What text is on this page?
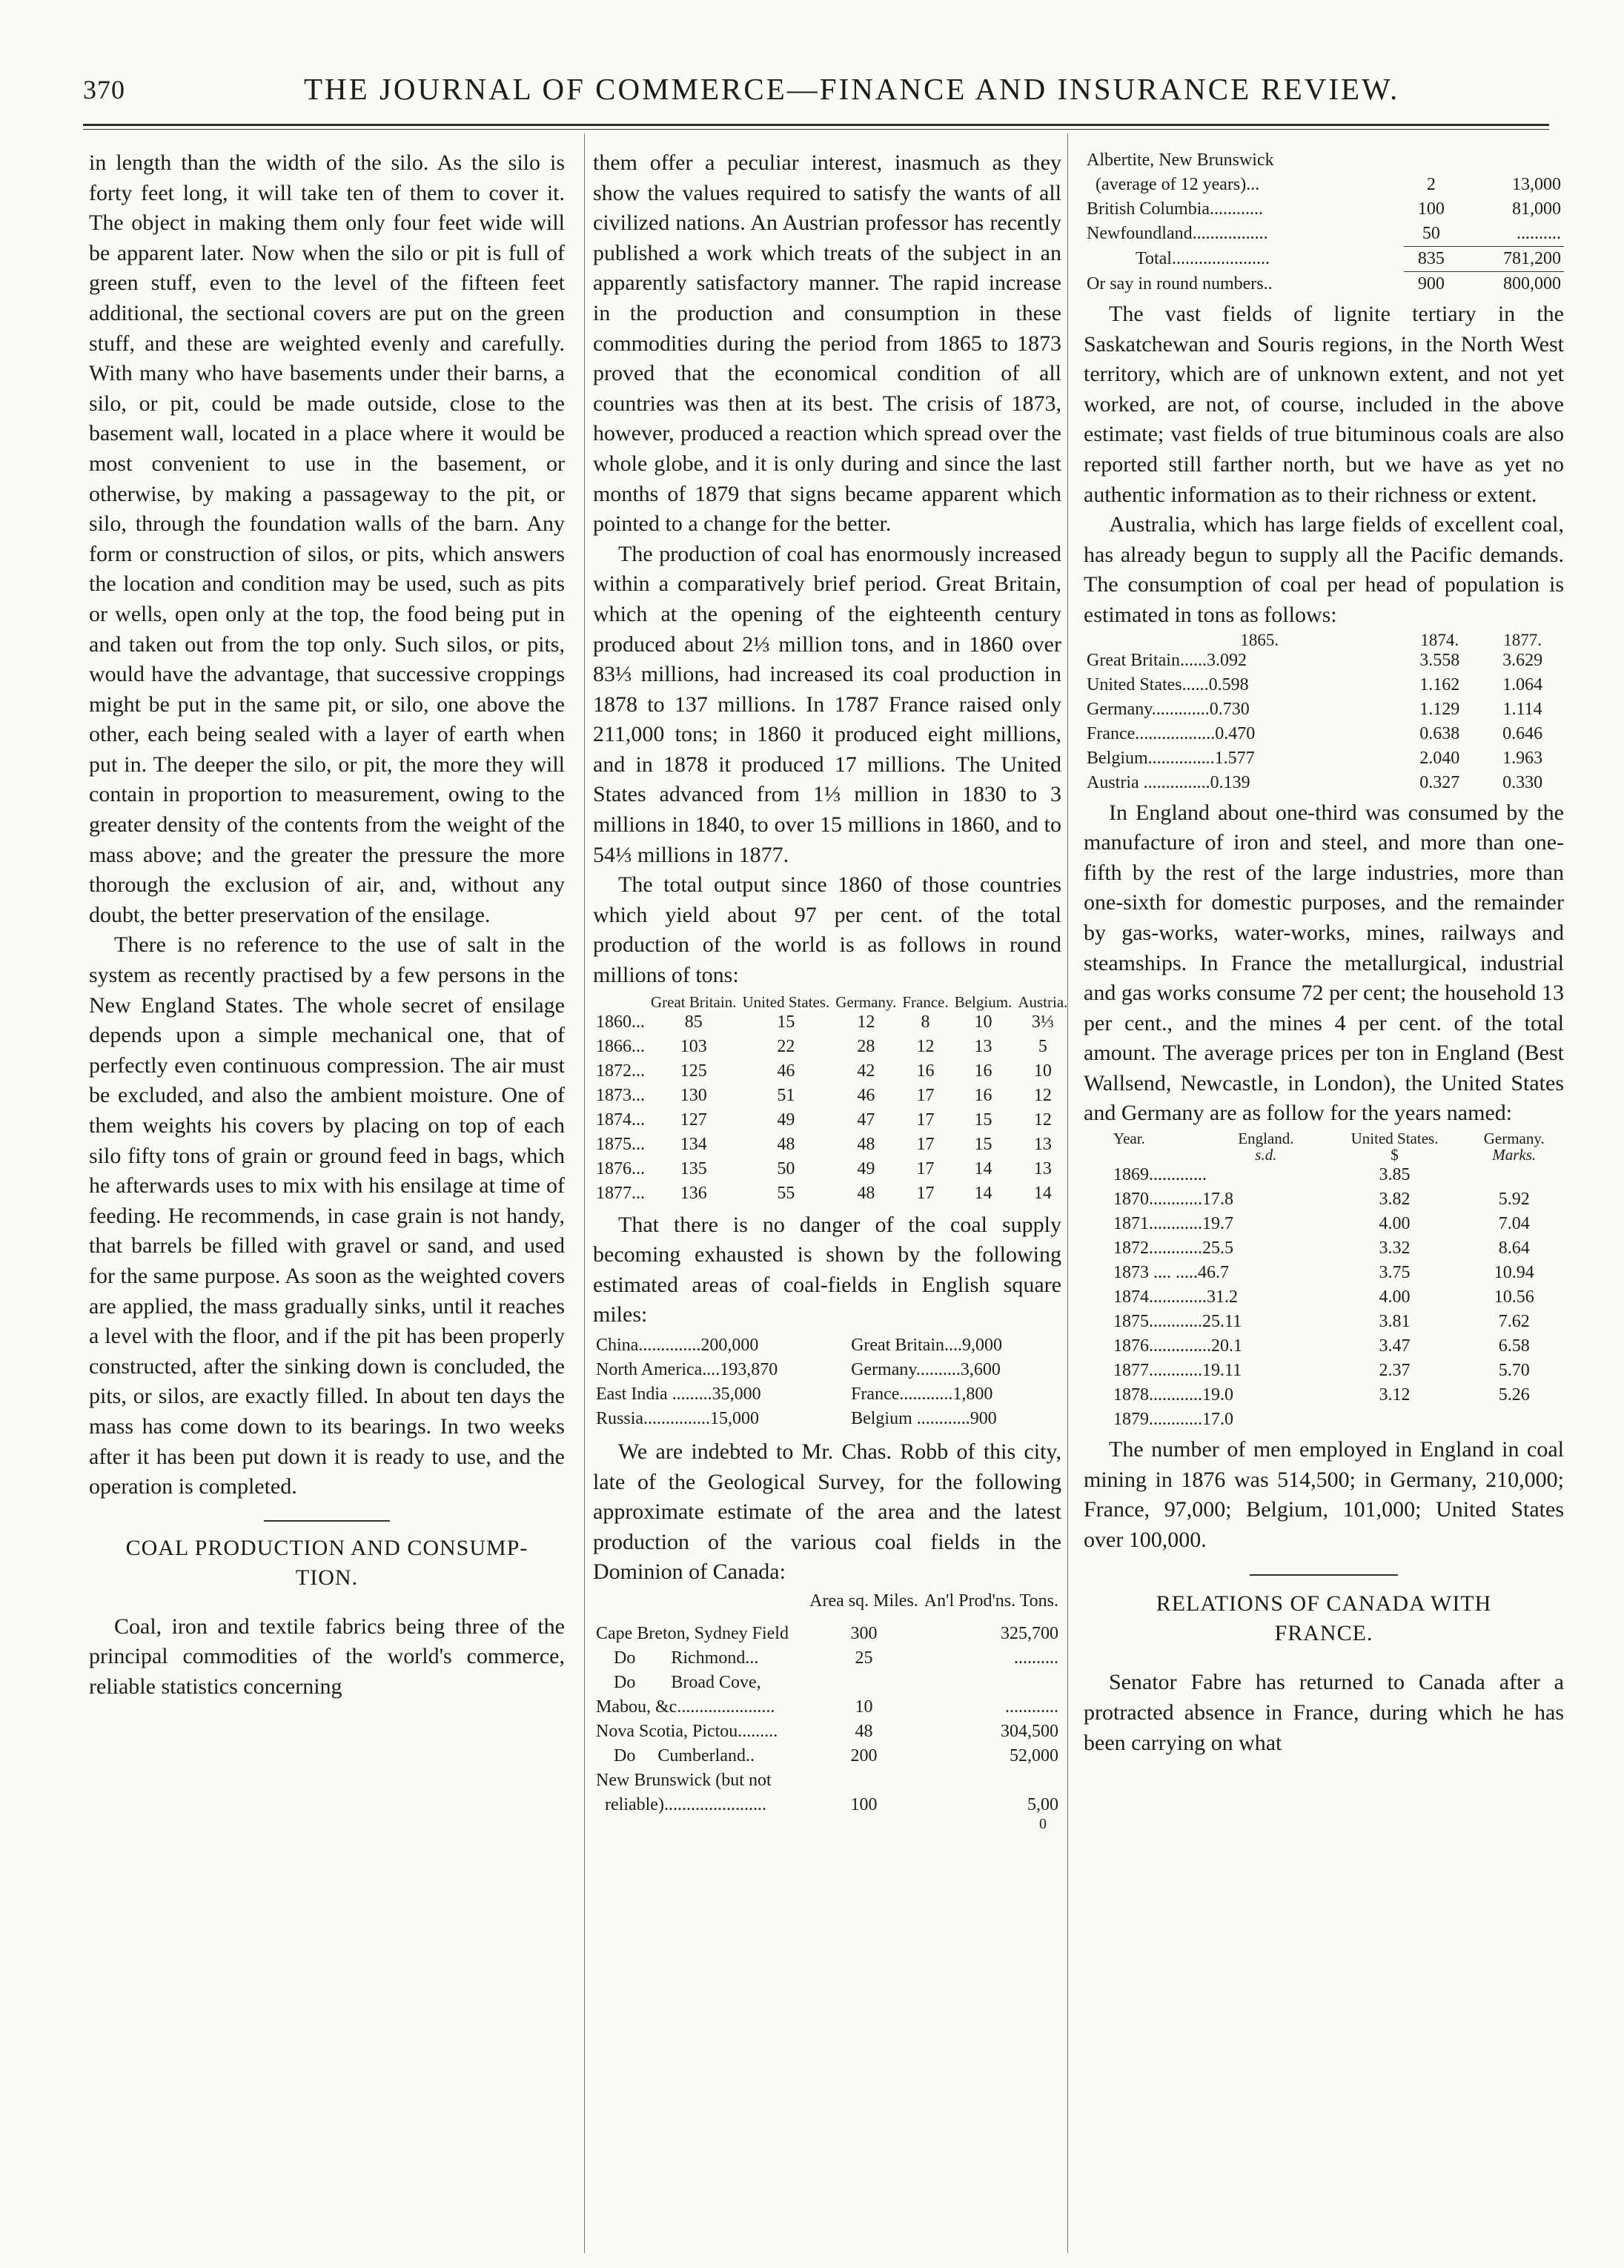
370	THE JOURNAL OF COMMERCE—FINANCE AND INSURANCE REVIEW.

in length than the width of the silo. As the silo is forty feet long, it will take ten of them to cover it. The object in making them only four feet wide will be apparent later. Now when the silo or pit is full of green stuff, even to the level of the fifteen feet additional, the sectional covers are put on the green stuff, and these are weighted evenly and carefully. With many who have basements under their barns, a silo, or pit, could be made outside, close to the basement wall, located in a place where it would be most convenient to use in the basement, or otherwise, by making a passageway to the pit, or silo, through the foundation walls of the barn. Any form or construction of silos, or pits, which answers the location and condition may be used, such as pits or wells, open only at the top, the food being put in and taken out from the top only. Such silos, or pits, would have the advantage, that successive croppings might be put in the same pit, or silo, one above the other, each being sealed with a layer of earth when put in. The deeper the silo, or pit, the more they will contain in proportion to measurement, owing to the greater density of the contents from the weight of the mass above; and the greater the pressure the more thorough the exclusion of air, and, without any doubt, the better preservation of the ensilage.

There is no reference to the use of salt in the system as recently practised by a few persons in the New England States. The whole secret of ensilage depends upon a simple mechanical one, that of perfectly even continuous compression. The air must be excluded, and also the ambient moisture. One of them weights his covers by placing on top of each silo fifty tons of grain or ground feed in bags, which he afterwards uses to mix with his ensilage at time of feeding. He recommends, in case grain is not handy, that barrels be filled with gravel or sand, and used for the same purpose. As soon as the weighted covers are applied, the mass gradually sinks, until it reaches a level with the floor, and if the pit has been properly constructed, after the sinking down is concluded, the pits, or silos, are exactly filled. In about ten days the mass has come down to its bearings. In two weeks after it has been put down it is ready to use, and the operation is completed.

COAL PRODUCTION AND CONSUMP-

TION.

Coal, iron and textile fabrics being three of the principal commodities of the world's commerce, reliable statistics concerning

them offer a peculiar interest, inasmuch as they show the values required to satisfy the wants of all civilized nations. An Austrian professor has recently published a work which treats of the subject in an apparently satisfactory manner. The rapid increase in the production and consumption in these commodities during the period from 1865 to 1873 proved that the economical condition of all countries was then at its best. The crisis of 1873, however, produced a reaction which spread over the whole globe, and it is only during and since the last months of 1879 that signs became apparent which pointed to a change for the better.

The production of coal has enormously increased within a comparatively brief period. Great Britain, which at the opening of the eighteenth century produced about 2⅓ million tons, and in 1860 over 83⅓ millions, had increased its coal production in 1878 to 137 millions. In 1787 France raised only 211,000 tons; in 1860 it produced eight millions, and in 1878 it produced 17 millions. The United States advanced from 1⅓ million in 1830 to 3 millions in 1840, to over 15 millions in 1860, and to 54⅓ millions in 1877.

The total output since 1860 of those countries which yield about 97 per cent. of the total production of the world is as follows in round millions of tons:

	Great Britain.	United States.	Germany.	France.	Belgium.	Austria.
1860...	85	15	12	8	10	3⅓
1866...	103	22	28	12	13	5
1872...	125	46	42	16	16	10
1873...	130	51	46	17	16	12
1874...	127	49	47	17	15	12
1875...	134	48	48	17	15	13
1876...	135	50	49	17	14	13
1877...	136	55	48	17	14	14

That there is no danger of the coal supply becoming exhausted is shown by the following estimated areas of coal-fields in English square miles:

China..............200,000	Great Britain....9,000
North America....193,870	Germany..........3,600
East India .........35,000	France............1,800
Russia...............15,000	Belgium ............900

We are indebted to Mr. Chas. Robb of this city, late of the Geological Survey, for the following approximate estimate of the area and the latest production of the various coal fields in the Dominion of Canada:

	Area sq. Miles.	An'l Prod'ns. Tons.

Cape Breton, Sydney Field	300	325,700
Do        Richmond...	25	..........
Do        Broad Cove,		
Mabou, &c......................	10	............
Nova Scotia, Pictou.........	48	304,500
Do     Cumberland..	200	52,000
New Brunswick (but not		
reliable).......................	100	5,00
		0
Albertite, New Brunswick		
(average of 12 years)...	2	13,000
British Columbia............	100	81,000
Newfoundland.................	50	..........

Total......................	835	781,200
Or say in round numbers..	900	800,000

The vast fields of lignite tertiary in the Saskatchewan and Souris regions, in the North West territory, which are of unknown extent, and not yet worked, are not, of course, included in the above estimate; vast fields of true bituminous coals are also reported still farther north, but we have as yet no authentic information as to their richness or extent.

Australia, which has large fields of excellent coal, has already begun to supply all the Pacific demands. The consumption of coal per head of population is estimated in tons as follows:

	1865.	1874.	1877.
Great Britain......3.092		3.558	3.629
United States......0.598		1.162	1.064
Germany.............0.730		1.129	1.114
France..................0.470		0.638	0.646
Belgium...............1.577		2.040	1.963
Austria ...............0.139		0.327	0.330

In England about one-third was consumed by the manufacture of iron and steel, and more than one-fifth by the rest of the large industries, more than one-sixth for domestic purposes, and the remainder by gas-works, water-works, mines, railways and steamships. In France the metallurgical, industrial and gas works consume 72 per cent; the household 13 per cent., and the mines 4 per cent. of the total amount. The average prices per ton in England (Best Wallsend, Newcastle, in London), the United States and Germany are as follow for the years named:

Year.	England.	United States.	Germany.
	s.d.	$	Marks.
1869.............		3.85	
1870............17.8		3.82	5.92
1871............19.7		4.00	7.04
1872............25.5		3.32	8.64
1873 .... .....46.7		3.75	10.94
1874.............31.2		4.00	10.56
1875............25.11		3.81	7.62
1876..............20.1		3.47	6.58
1877............19.11		2.37	5.70
1878............19.0		3.12	5.26
1879............17.0			

The number of men employed in England in coal mining in 1876 was 514,500; in Germany, 210,000; France, 97,000; Belgium, 101,000; United States over 100,000.

RELATIONS OF CANADA WITH

FRANCE.

Senator Fabre has returned to Canada after a protracted absence in France, during which he has been carrying on what
